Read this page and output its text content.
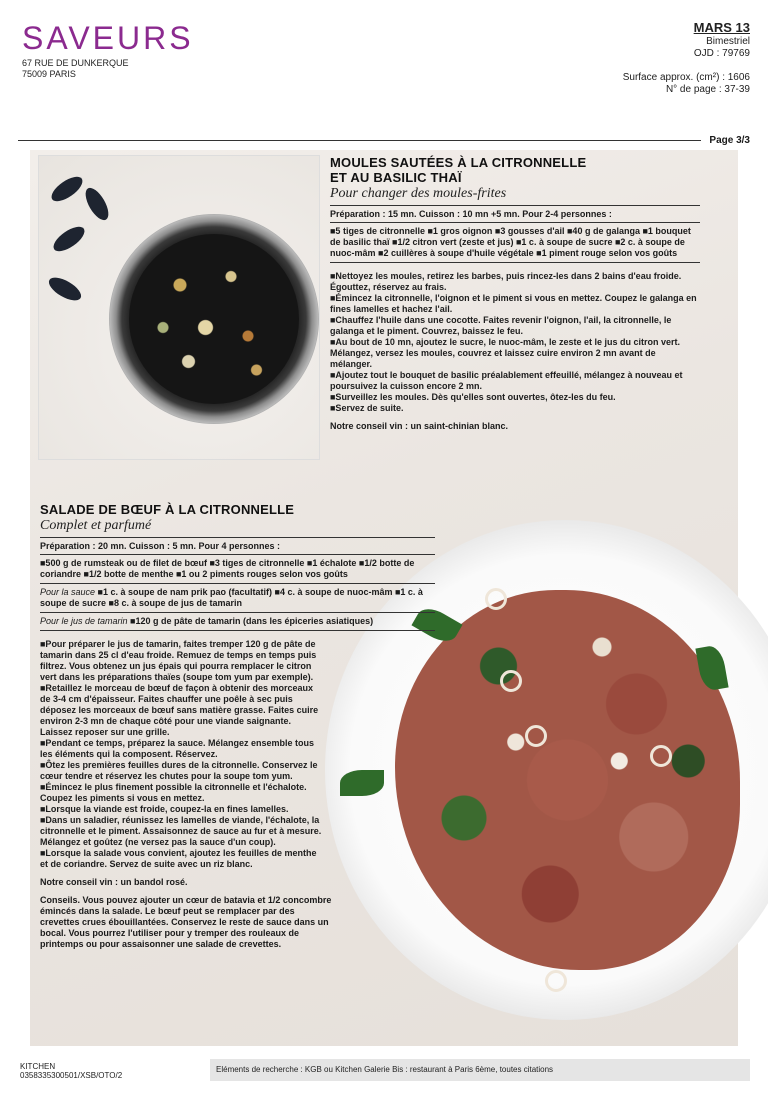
SAVEURS
67 RUE DE DUNKERQUE
75009 PARIS
MARS 13
Bimestriel
OJD : 79769
Surface approx. (cm²) : 1606
N° de page : 37-39
Page 3/3
MOULES SAUTÉES À LA CITRONNELLE
ET AU BASILIC THAÏ
Pour changer des moules-frites
Préparation : 15 mn. Cuisson : 10 mn +5 mn. Pour 2-4 personnes :
■5 tiges de citronnelle ■1 gros oignon ■3 gousses d'ail ■40 g de galanga ■1 bouquet de basilic thaï ■1/2 citron vert (zeste et jus) ■1 c. à soupe de sucre ■2 c. à soupe de nuoc-mâm ■2 cuillères à soupe d'huile végétale ■1 piment rouge selon vos goûts

■Nettoyez les moules, retirez les barbes, puis rincez-les dans 2 bains d'eau froide. Égouttez, réservez au frais.

■Émincez la citronnelle, l'oignon et le piment si vous en mettez. Coupez le galanga en fines lamelles et hachez l'ail.

■Chauffez l'huile dans une cocotte. Faites revenir l'oignon, l'ail, la citronnelle, le galanga et le piment. Couvrez, baissez le feu.

■Au bout de 10 mn, ajoutez le sucre, le nuoc-mâm, le zeste et le jus du citron vert. Mélangez, versez les moules, couvrez et laissez cuire environ 2 mn avant de mélanger.

■Ajoutez tout le bouquet de basilic préalablement effeuillé, mélangez à nouveau et poursuivez la cuisson encore 2 mn.

■Surveillez les moules. Dès qu'elles sont ouvertes, ôtez-les du feu.

■Servez de suite.

Notre conseil vin : un saint-chinian blanc.
SALADE DE BŒUF À LA CITRONNELLE
Complet et parfumé
Préparation : 20 mn. Cuisson : 5 mn. Pour 4 personnes :
■500 g de rumsteak ou de filet de bœuf ■3 tiges de citronnelle ■1 échalote ■1/2 botte de coriandre ■1/2 botte de menthe ■1 ou 2 piments rouges selon vos goûts
Pour la sauce ■1 c. à soupe de nam prik pao (facultatif) ■4 c. à soupe de nuoc-mâm ■1 c. à soupe de sucre ■8 c. à soupe de jus de tamarin
Pour le jus de tamarin ■120 g de pâte de tamarin (dans les épiceries asiatiques)

■Pour préparer le jus de tamarin, faites tremper 120 g de pâte de tamarin dans 25 cl d'eau froide. Remuez de temps en temps puis filtrez. Vous obtenez un jus épais qui pourra remplacer le citron vert dans les préparations thaïes (soupe tom yum par exemple).

■Retaillez le morceau de bœuf de façon à obtenir des morceaux de 3-4 cm d'épaisseur. Faites chauffer une poêle à sec puis déposez les morceaux de bœuf sans matière grasse. Faites cuire environ 2-3 mn de chaque côté pour une viande saignante. Laissez reposer sur une grille.

■Pendant ce temps, préparez la sauce. Mélangez ensemble tous les éléments qui la composent. Réservez.

■Ôtez les premières feuilles dures de la citronnelle. Conservez le cœur tendre et réservez les chutes pour la soupe tom yum.

■Émincez le plus finement possible la citronnelle et l'échalote. Coupez les piments si vous en mettez.

■Lorsque la viande est froide, coupez-la en fines lamelles.

■Dans un saladier, réunissez les lamelles de viande, l'échalote, la citronnelle et le piment. Assaisonnez de sauce au fur et à mesure. Mélangez et goûtez (ne versez pas la sauce d'un coup).

■Lorsque la salade vous convient, ajoutez les feuilles de menthe et de coriandre. Servez de suite avec un riz blanc.

Notre conseil vin : un bandol rosé.
Conseils. Vous pouvez ajouter un cœur de batavia et 1/2 concombre émincés dans la salade. Le bœuf peut se remplacer par des crevettes crues ébouillantées. Conservez le reste de sauce dans un bocal. Vous pourrez l'utiliser pour y tremper des rouleaux de printemps ou pour assaisonner une salade de crevettes.
KITCHEN
0358335300501/XSB/OTO/2
Eléments de recherche : KGB ou Kitchen Galerie Bis : restaurant à Paris 6ème, toutes citations
